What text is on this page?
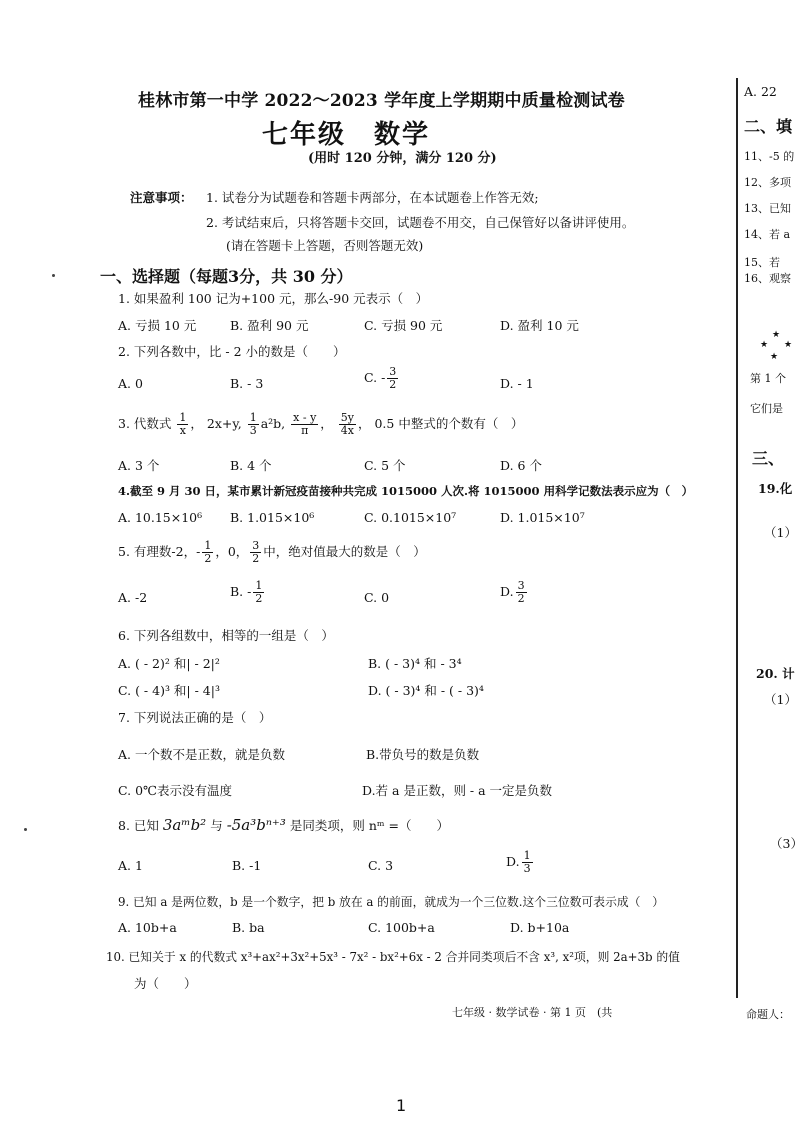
桂林市第一中学 2022～2023 学年度上学期期中质量检测试卷
七年级　数学
(用时 120 分钟，满分 120 分)
注意事项： 1. 试卷分为试题卷和答题卡两部分，在本试题卷上作答无效;
2. 考试结束后，只将答题卡交回，试题卷不用交，自己保管好以备讲评使用。
(请在答题卡上答题，否则答题无效)
一、选择题（每题3分，共 30 分）
1. 如果盈利 100 记为+100 元，那么-90 元表示（　）
A. 亏损 10 元	B. 盈利 90 元	C. 亏损 90 元	D. 盈利 10 元
2. 下列各数中，比 - 2 小的数是（　　）
A. 0	B. - 3	C. - $\frac{3}{2}$	D. - 1
3. 代数式 $\frac{1}{x}$ ， 2x+y, $\frac{1}{3} a^2b$, $\frac{x - y}{\pi}$ ， $\frac{5y}{4x}$ ， 0.5 中整式的个数有（　）
A. 3 个	B. 4 个	C. 5 个	D. 6 个
4.截至 9 月 30 日，某市累计新冠疫苗接种共完成 1015000 人次.将 1015000 用科学记数法表示应为（　）
A. 10.15×10⁶ B. 1.015×10⁶	C. 0.1015×10⁷	D. 1.015×10⁷
5. 有理数-2，- $\frac{1}{2}$ ，0， $\frac{3}{2}$ 中，绝对值最大的数是（　）
A. -2	B. - $\frac{1}{2}$	C. 0	D. $\frac{3}{2}$
6. 下列各组数中，相等的一组是（　）
A. ( - 2)² 和| - 2|²	B. ( - 3)⁴ 和 - 3⁴
C. ( - 4)³ 和| - 4|³	D. ( - 3)⁴ 和 - ( - 3)⁴
7. 下列说法正确的是（　）
A. 一个数不是正数，就是负数	B.带负号的数是负数
C. 0℃表示没有温度	D.若 a 是正数，则 - a 一定是负数
8. 已知 3aᵐb² 与 -5a³bⁿ⁺³ 是同类项，则 nᵐ =（　　）
A. 1	B. -1	C. 3	D. $\frac{1}{3}$
9. 已知 a 是两位数，b 是一个数字，把 b 放在 a 的前面，就成为一个三位数.这个三位数可表示成（　）
A. 10b+a	B. ba	C. 100b+a	D. b+10a
10. 已知关于 x 的代数式 x³+ax²+3x²+5x³ - 7x² - bx²+6x - 2 合并同类项后不含 x³, x²项，则 2a+3b 的值
为（　　）
七年级 · 数学试卷 · 第 1 页　(共
1
A. 22
二、填
11、-5 的
12、多项
13、已知
14、若 a
15、若
16、观察
★
★ ★
★
第 1 个
它们是
三、
19.化
（1）
20. 计
（1）
（3）
命题人：
